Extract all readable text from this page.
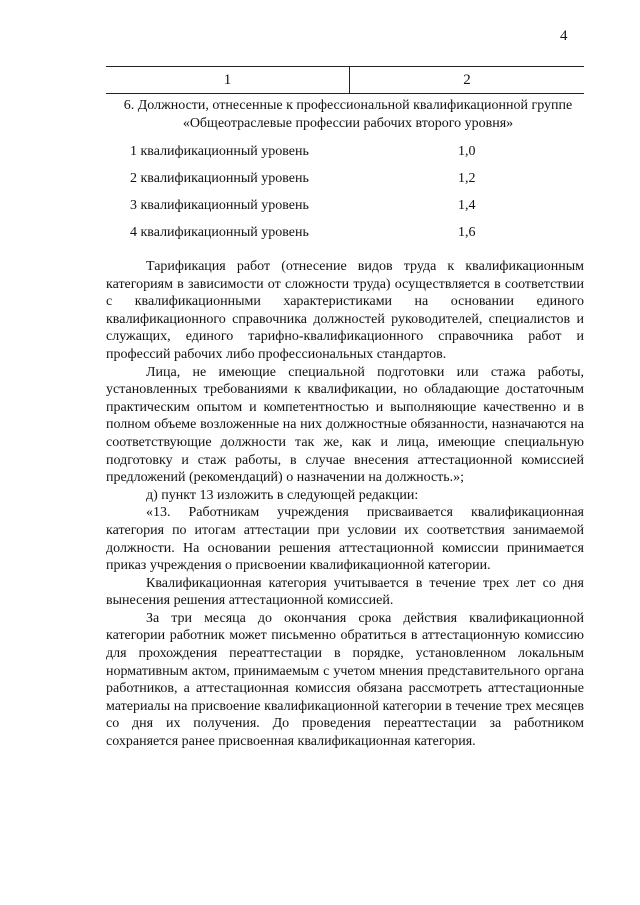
4
1	2
6. Должности, отнесенные к профессиональной квалификационной группе «Общеотраслевые профессии рабочих второго уровня»
1 квалификационный уровень	1,0
2 квалификационный уровень	1,2
3 квалификационный уровень	1,4
4 квалификационный уровень	1,6

Тарификация работ (отнесение видов труда к квалификационным категориям в зависимости от сложности труда) осуществляется в соответствии с квалификационными характеристиками на основании единого квалификационного справочника должностей руководителей, специалистов и служащих, единого тарифно-квалификационного справочника работ и профессий рабочих либо профессиональных стандартов.

Лица, не имеющие специальной подготовки или стажа работы, установленных требованиями к квалификации, но обладающие достаточным практическим опытом и компетентностью и выполняющие качественно и в полном объеме возложенные на них должностные обязанности, назначаются на соответствующие должности так же, как и лица, имеющие специальную подготовку и стаж работы, в случае внесения аттестационной комиссией предложений (рекомендаций) о назначении на должность.»;

д) пункт 13 изложить в следующей редакции:

«13. Работникам учреждения присваивается квалификационная категория по итогам аттестации при условии их соответствия занимаемой должности. На основании решения аттестационной комиссии принимается приказ учреждения о присвоении квалификационной категории.

Квалификационная категория учитывается в течение трех лет со дня вынесения решения аттестационной комиссией.

За три месяца до окончания срока действия квалификационной категории работник может письменно обратиться в аттестационную комиссию для прохождения переаттестации в порядке, установленном локальным нормативным актом, принимаемым с учетом мнения представительного органа работников, а аттестационная комиссия обязана рассмотреть аттестационные материалы на присвоение квалификационной категории в течение трех месяцев со дня их получения. До проведения переаттестации за работником сохраняется ранее присвоенная квалификационная категория.
